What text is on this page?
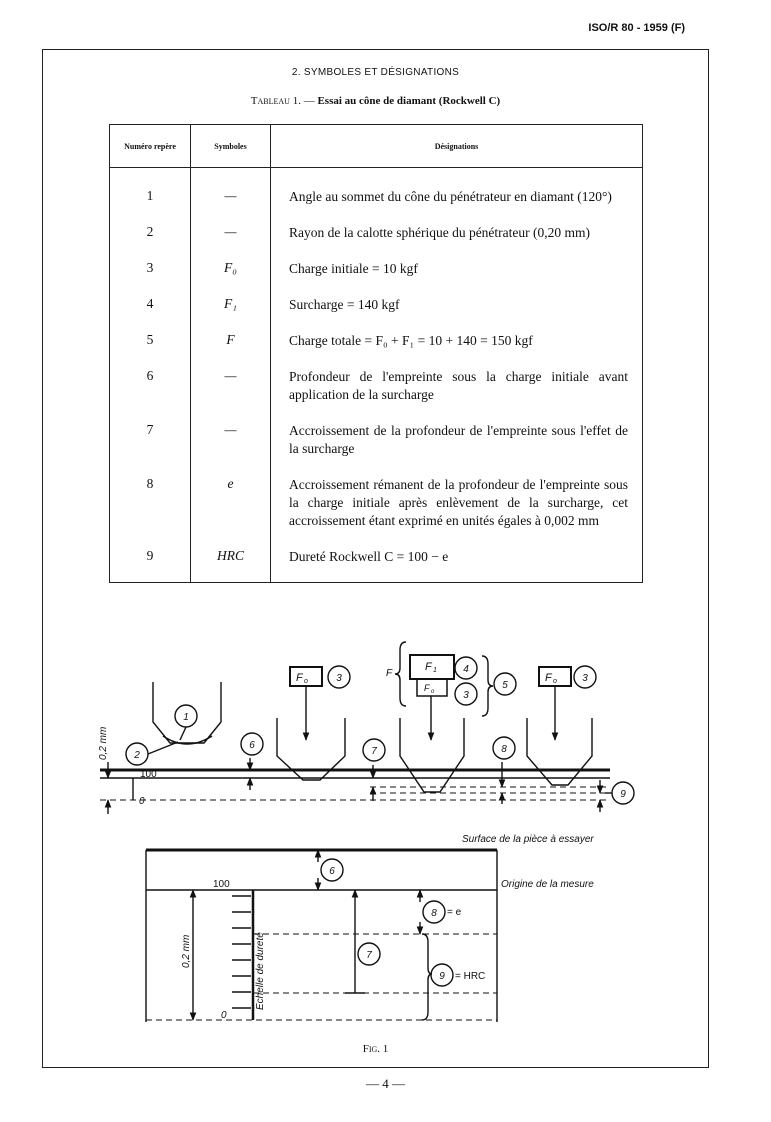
ISO/R 80 - 1959 (F)
2. SYMBOLES ET DÉSIGNATIONS
Tableau 1. — Essai au cône de diamant (Rockwell C)
Numéro repère	Symboles	Désignations
1	—	Angle au sommet du cône du pénétrateur en diamant (120°)
2	—	Rayon de la calotte sphérique du pénétrateur (0,20 mm)
3	F₀	Charge initiale = 10 kgf
4	F₁	Surcharge = 140 kgf
5	F	Charge totale = F₀ + F₁ = 10 + 140 = 150 kgf
6	—	Profondeur de l'empreinte sous la charge initiale avant application de la surcharge
7	—	Accroissement de la profondeur de l'empreinte sous l'effet de la surcharge
8	e	Accroissement rémanent de la profondeur de l'empreinte sous la charge initiale après enlèvement de la surcharge, cet accroissement étant exprimé en unités égales à 0,002 mm
9	HRC	Dureté Rockwell C = 100 − e
Fig. 1
F o	F o
F 1
F o
F
100
0
0,2 mm
1
2
3
4
3
5
3
6
7	8
9
6
7
8
9
Surface de la pièce à essayer
Origine de la mesure
100
0
0,2 mm	Echelle de dureté
= e
= HRC
— 4 —
